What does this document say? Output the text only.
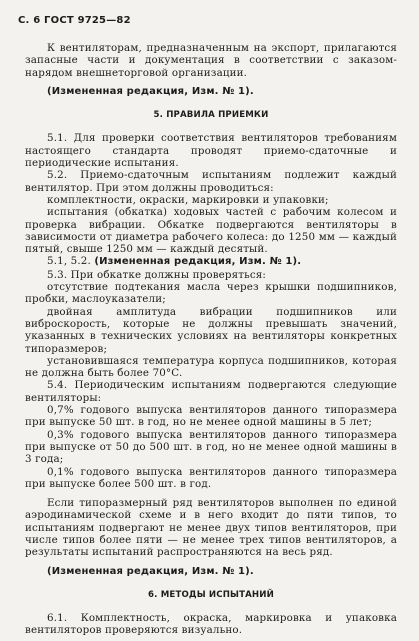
С. 6 ГОСТ 9725—82

К вентиляторам, предназначенным на экспорт, прилагаются запасные части и документация в соответствии с заказом-нарядом внешнеторговой организации.

(Измененная редакция, Изм. № 1).

5. ПРАВИЛА ПРИЕМКИ

5.1. Для проверки соответствия вентиляторов требованиям настоящего стандарта проводят приемо-сдаточные и периодические испытания.

5.2. Приемо-сдаточным испытаниям подлежит каждый вентилятор. При этом должны проводиться:

комплектности, окраски, маркировки и упаковки;

испытания (обкатка) ходовых частей с рабочим колесом и проверка вибрации. Обкатке подвергаются вентиляторы в зависимости от диаметра рабочего колеса: до 1250 мм — каждый пятый, свыше 1250 мм — каждый десятый.

5.1, 5.2. (Измененная редакция, Изм. № 1).

5.3. При обкатке должны проверяться:

отсутствие подтекания масла через крышки подшипников, пробки, маслоуказатели;

двойная амплитуда вибрации подшипников или виброскорость, которые не должны превышать значений, указанных в технических условиях на вентиляторы конкретных типоразмеров;

установившаяся температура корпуса подшипников, которая не должна быть более 70°C.

5.4. Периодическим испытаниям подвергаются следующие вентиляторы:

0,7% годового выпуска вентиляторов данного типоразмера при выпуске 50 шт. в год, но не менее одной машины в 5 лет;

0,3% годового выпуска вентиляторов данного типоразмера при выпуске от 50 до 500 шт. в год, но не менее одной машины в 3 года;

0,1% годового выпуска вентиляторов данного типоразмера при выпуске более 500 шт. в год.

Если типоразмерный ряд вентиляторов выполнен по единой аэродинамической схеме и в него входит до пяти типов, то испытаниям подвергают не менее двух типов вентиляторов, при числе типов более пяти — не менее трех типов вентиляторов, а результаты испытаний распространяются на весь ряд.

(Измененная редакция, Изм. № 1).

6. МЕТОДЫ ИСПЫТАНИЙ

6.1. Комплектность, окраска, маркировка и упаковка вентиляторов проверяются визуально.
